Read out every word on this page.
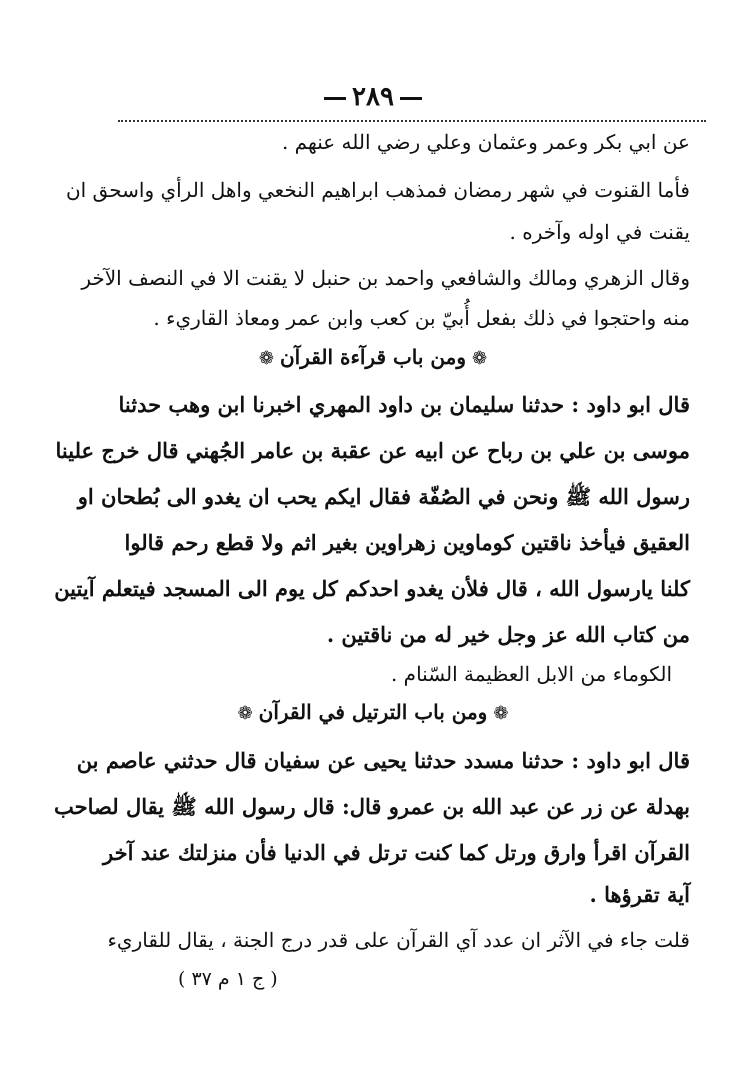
٢٨٩
عن ابي بكر وعمر وعثمان وعلي رضي الله عنهم .
فأما القنوت في شهر رمضان فمذهب ابراهيم النخعي واهل الرأي واسحق ان
يقنت في اوله وآخره .
وقال الزهري ومالك والشافعي واحمد بن حنبل لا يقنت الا في النصف الآخر
منه واحتجوا في ذلك بفعل أُبيّ بن كعب وابن عمر ومعاذ القاريء .
❁ومن باب قرآءة القرآن❁
قال ابو داود : حدثنا سليمان بن داود المهري اخبرنا ابن وهب حدثنا
موسى بن علي بن رباح عن ابيه عن عقبة بن عامر الجُهني قال خرج علينا
رسول الله ﷺ ونحن في الصُفّة فقال ايكم يحب ان يغدو الى بُطحان او
العقيق فيأخذ ناقتين كوماوين زهراوين بغير اثم ولا قطع رحم قالوا
كلنا يارسول الله ، قال فلأن يغدو احدكم كل يوم الى المسجد فيتعلم آيتين
من كتاب الله عز وجل خير له من ناقتين .
الكوماء من الابل العظيمة السّنام .
❁ومن باب الترتيل في القرآن❁
قال ابو داود : حدثنا مسدد حدثنا يحيى عن سفيان قال حدثني عاصم بن
بهدلة عن زر عن عبد الله بن عمرو قال: قال رسول الله ﷺ يقال لصاحب
القرآن اقرأ وارق ورتل كما كنت ترتل في الدنيا فأن منزلتك عند آخر
آية تقرؤها .
قلت جاء في الآثر ان عدد آي القرآن على قدر درج الجنة ، يقال للقاريء
( ج ١ م ٣٧ )
